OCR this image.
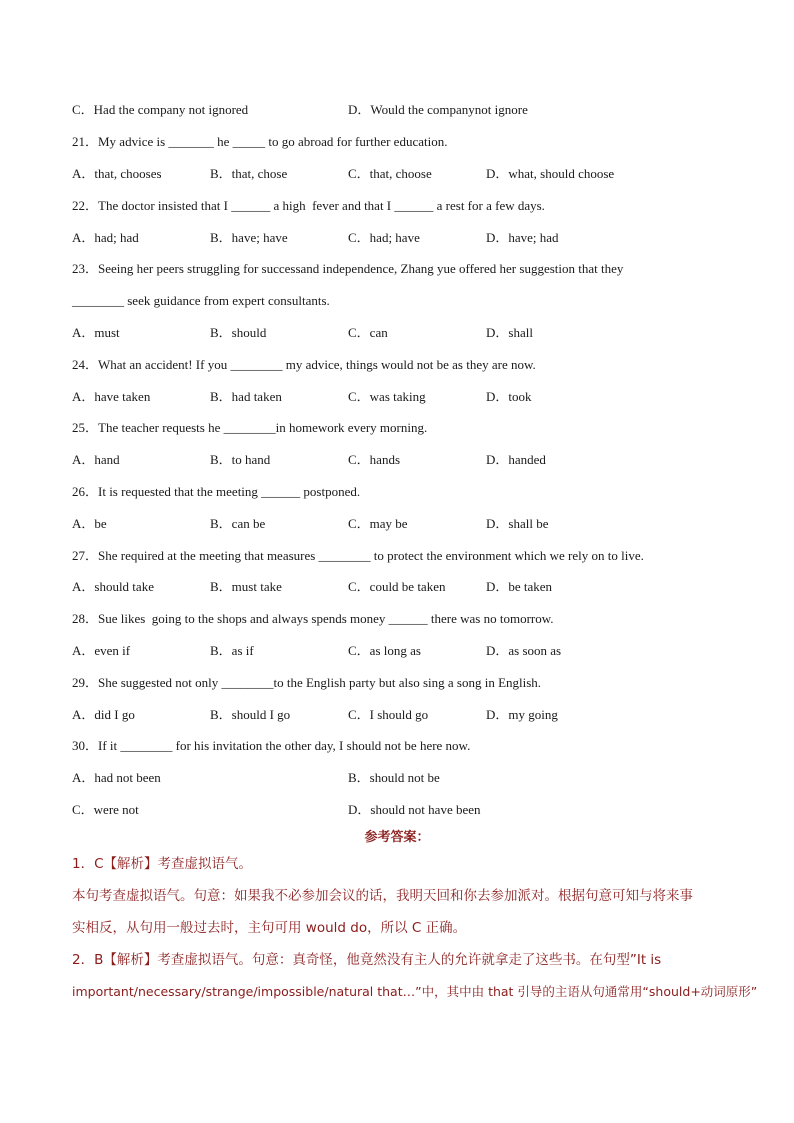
C．Had the company not ignored	D．Would the companynot ignore
21．My advice is _______ he _____ to go abroad for further education.
A．that, chooses	B．that, chose	C．that, choose	D．what, should choose
22．The doctor insisted that I ______ a high  fever and that I ______ a rest for a few days.
A．had; had	B．have; have	C．had; have	D．have; had
23．Seeing her peers struggling for successand independence, Zhang yue offered her suggestion that they
________ seek guidance from expert consultants.
A．must	B．should	C．can	D．shall
24．What an accident! If you ________ my advice, things would not be as they are now.
A．have taken	B．had taken	C．was taking	D．took
25．The teacher requests he ________in homework every morning.
A．hand	B．to hand	C．hands	D．handed
26．It is requested that the meeting ______ postponed.
A．be	B．can be	C．may be	D．shall be
27．She required at the meeting that measures ________ to protect the environment which we rely on to live.
A．should take	B．must take	C．could be taken	D．be taken
28．Sue likes  going to the shops and always spends money ______ there was no tomorrow.
A．even if	B．as if	C．as long as	D．as soon as
29．She suggested not only ________to the English party but also sing a song in English.
A．did I go	B．should I go	C．I should go	D．my going
30．If it ________ for his invitation the other day, I should not be here now.
A．had not been	B．should not be
C．were not	D．should not have been
参考答案：
1．C【解析】考查虚拟语气。
本句考查虚拟语气。句意：如果我不必参加会议的话，我明天回和你去参加派对。根据句意可知与将来事
实相反，从句用一般过去时，主句可用 would do，所以 C 正确。
2．B【解析】考查虚拟语气。句意：真奇怪，他竟然没有主人的允许就拿走了这些书。在句型”It is
important/necessary/strange/impossible/natural that…”中，其中由 that 引导的主语从句通常用“should+动词原形”
